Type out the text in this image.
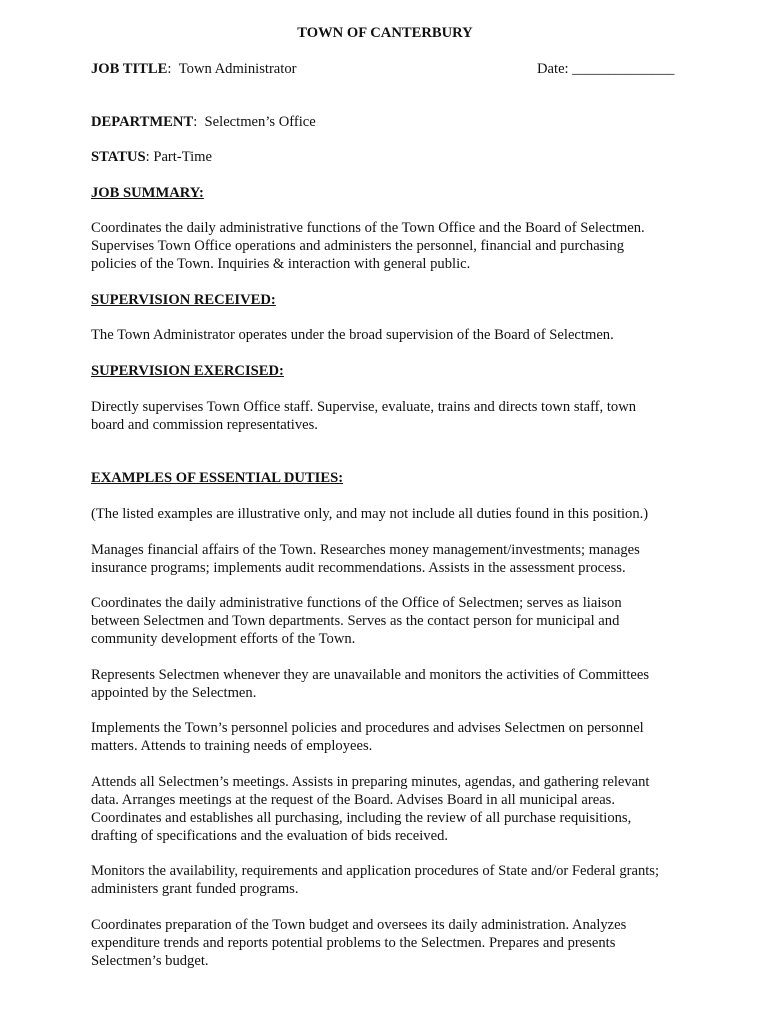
TOWN OF CANTERBURY
JOB TITLE:  Town Administrator	Date: ______________
DEPARTMENT:  Selectmen’s Office
STATUS: Part-Time
JOB SUMMARY:
Coordinates the daily administrative functions of the Town Office and the Board of Selectmen.
Supervises Town Office operations and administers the personnel, financial and purchasing
policies of the Town. Inquiries & interaction with general public.
SUPERVISION RECEIVED:
The Town Administrator operates under the broad supervision of the Board of Selectmen.
SUPERVISION EXERCISED:
Directly supervises Town Office staff. Supervise, evaluate, trains and directs town staff, town
board and commission representatives.
EXAMPLES OF ESSENTIAL DUTIES:
(The listed examples are illustrative only, and may not include all duties found in this position.)
Manages financial affairs of the Town. Researches money management/investments; manages
insurance programs; implements audit recommendations. Assists in the assessment process.
Coordinates the daily administrative functions of the Office of Selectmen; serves as liaison
between Selectmen and Town departments. Serves as the contact person for municipal and
community development efforts of the Town.
Represents Selectmen whenever they are unavailable and monitors the activities of Committees
appointed by the Selectmen.
Implements the Town’s personnel policies and procedures and advises Selectmen on personnel
matters. Attends to training needs of employees.
Attends all Selectmen’s meetings. Assists in preparing minutes, agendas, and gathering relevant
data. Arranges meetings at the request of the Board. Advises Board in all municipal areas.
Coordinates and establishes all purchasing, including the review of all purchase requisitions,
drafting of specifications and the evaluation of bids received.
Monitors the availability, requirements and application procedures of State and/or Federal grants;
administers grant funded programs.
Coordinates preparation of the Town budget and oversees its daily administration. Analyzes
expenditure trends and reports potential problems to the Selectmen. Prepares and presents
Selectmen’s budget.
